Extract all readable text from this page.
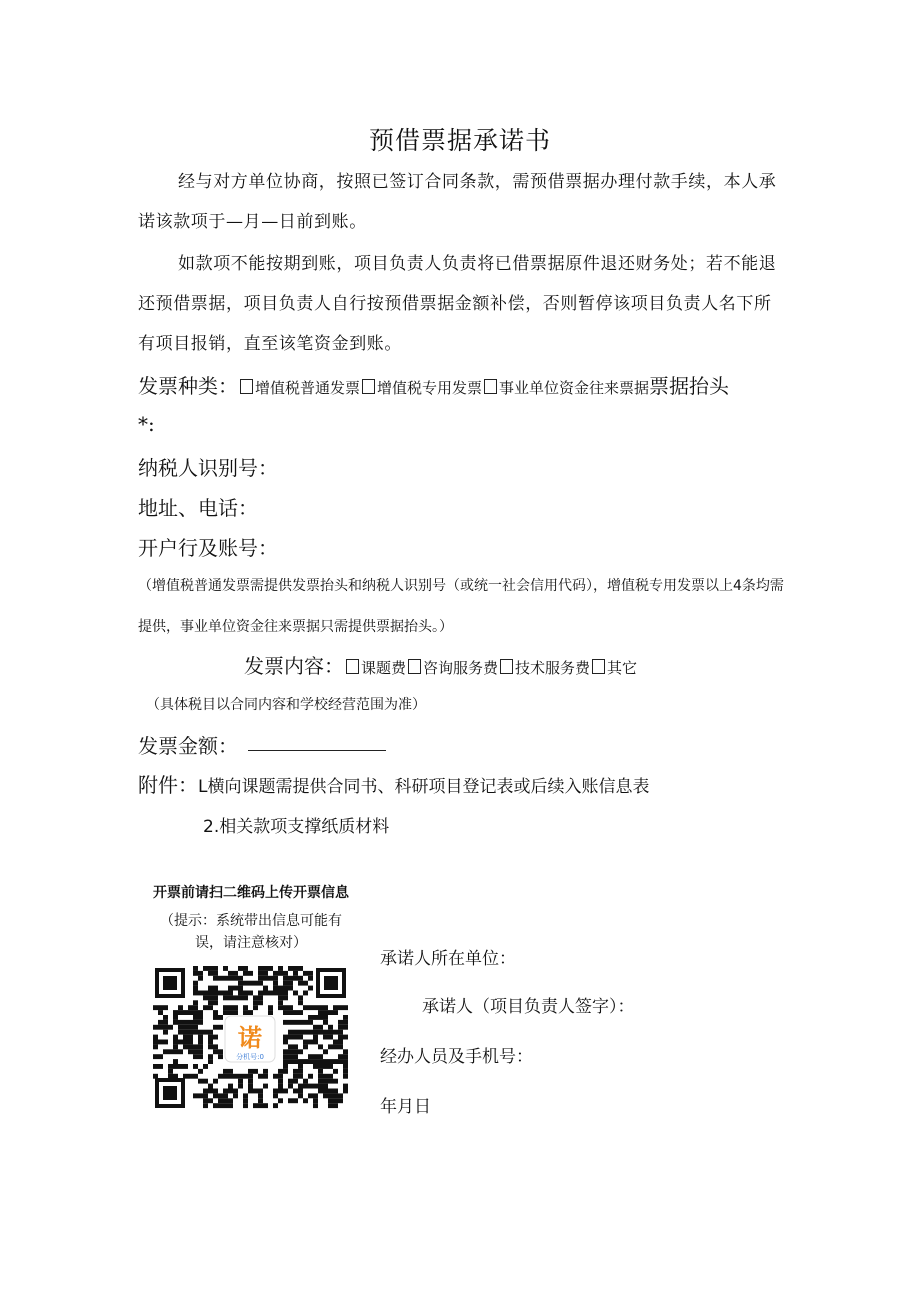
预借票据承诺书
经与对方单位协商，按照已签订合同条款，需预借票据办理付款手续，本人承诺该款项于—月—日前到账。
如款项不能按期到账，项目负责人负责将已借票据原件退还财务处；若不能退还预借票据，项目负责人自行按预借票据金额补偿，否则暂停该项目负责人名下所有项目报销，直至该笔资金到账。
发票种类： 增值税普通发票 增值税专用发票 事业单位资金往来票据票据抬头
*:
纳税人识别号：
地址、电话：
开户行及账号：
（增值税普通发票需提供发票抬头和纳税人识别号（或统一社会信用代码），增值税专用发票以上4条均需提供，事业单位资金往来票据只需提供票据抬头。）
发票内容： 课题费 咨询服务费 技术服务费 其它
（具体税目以合同内容和学校经营范围为准）
发票金额：
附件：L横向课题需提供合同书、科研项目登记表或后续入账信息表
2.相关款项支撑纸质材料
开票前请扫二维码上传开票信息
（提示：系统带出信息可能有误，请注意核对）
诺
分机号:0
承诺人所在单位：
承诺人（项目负责人签字）：
经办人员及手机号：
年月日
